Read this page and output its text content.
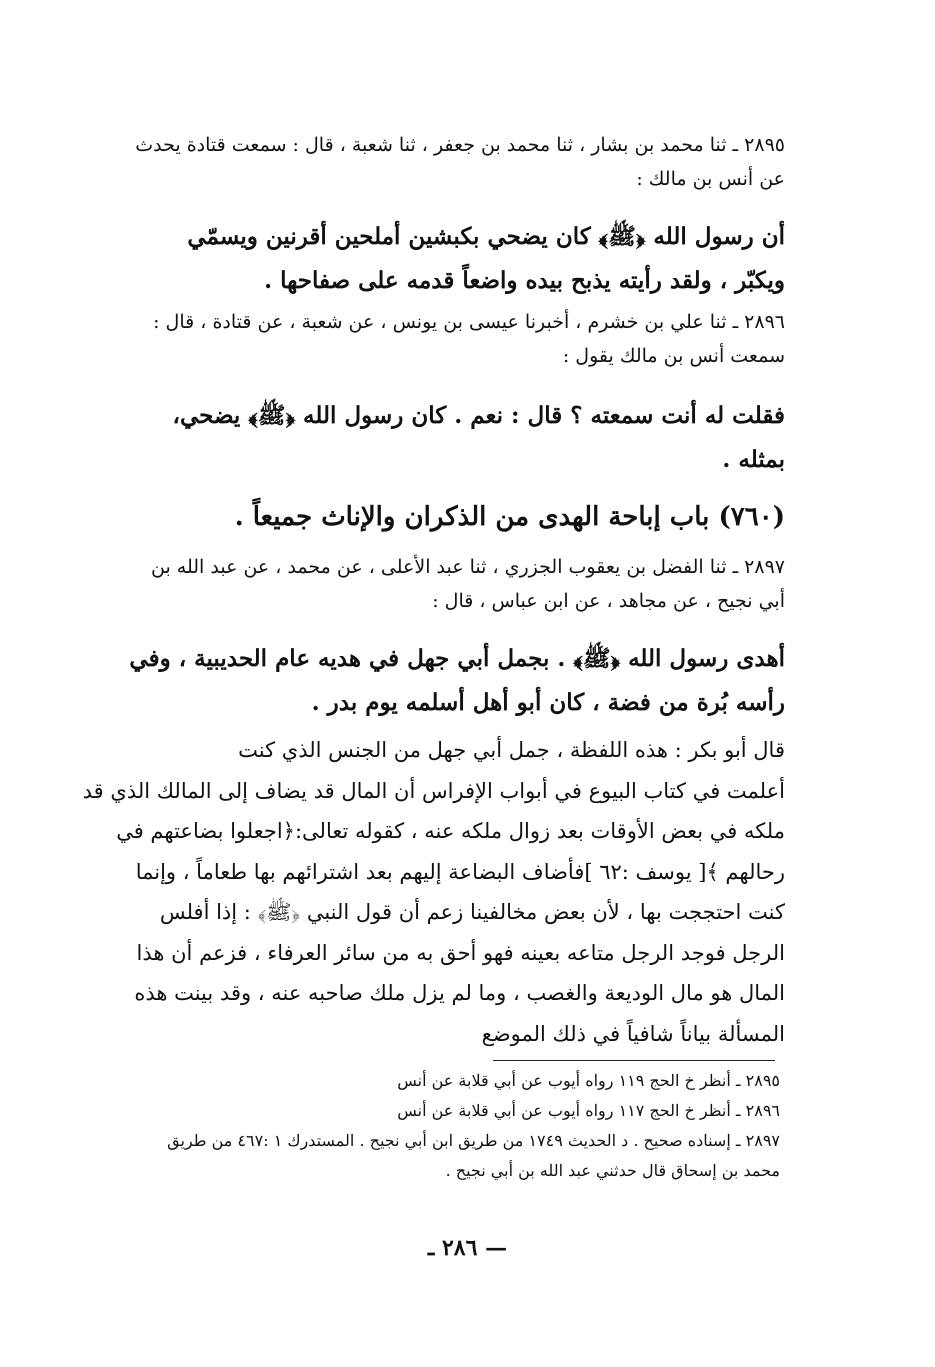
٢٨٩٥ ـ ثنا محمد بن بشار ، ثنا محمد بن جعفر ، ثنا شعبة ، قال : سمعت قتادة يحدث
عن أنس بن مالك :

أن رسول الله ﴿ﷺ﴾ كان يضحي بكبشين أملحين أقرنين ويسمّي
ويكبّر ، ولقد رأيته يذبح بيده واضعاً قدمه على صفاحها .

٢٨٩٦ ـ ثنا علي بن خشرم ، أخبرنا عيسى بن يونس ، عن شعبة ، عن قتادة ، قال :
سمعت أنس بن مالك يقول :

فقلت له أنت سمعته ؟ قال : نعم . كان رسول الله ﴿ﷺ﴾ يضحي،
بمثله .

(٧٦٠) باب إباحة الهدى من الذكران والإناث جميعاً .

٢٨٩٧ ـ ثنا الفضل بن يعقوب الجزري ، ثنا عبد الأعلى ، عن محمد ، عن عبد الله بن
أبي نجيح ، عن مجاهد ، عن ابن عباس ، قال :

أهدى رسول الله ﴿ﷺ﴾ . بجمل أبي جهل في هديه عام الحديبية ، وفي
رأسه بُرة من فضة ، كان أبو أهل أسلمه يوم بدر .

قال أبو بكر : هذه اللفظة ، جمل أبي جهل من الجنس الذي كنت
أعلمت في كتاب البيوع في أبواب الإفراس أن المال قد يضاف إلى المالك الذي قد
ملكه في بعض الأوقات بعد زوال ملكه عنه ، كقوله تعالى:﴿اجعلوا بضاعتهم في
رحالهم ﴾[ يوسف :٦٢ ]فأضاف البضاعة إليهم بعد اشترائهم بها طعاماً ، وإنما
كنت احتججت بها ، لأن بعض مخالفينا زعم أن قول النبي ﴿ﷺ﴾ : إذا أفلس
الرجل فوجد الرجل متاعه بعينه فهو أحق به من سائر العرفاء ، فزعم أن هذا
المال هو مال الوديعة والغصب ، وما لم يزل ملك صاحبه عنه ، وقد بينت هذه
المسألة بياناً شافياً في ذلك الموضع

٢٨٩٥ ـ أنظر خ الحج ١١٩ رواه أيوب عن أبي قلابة عن أنس
٢٨٩٦ ـ أنظر خ الحج ١١٧ رواه أيوب عن أبي قلابة عن أنس
٢٨٩٧ ـ إسناده صحيح . د الحديث ١٧٤٩ من طريق ابن أبي نجيح . المستدرك ١ :٤٦٧ من طريق
محمد بن إسحاق قال حدثني عبد الله بن أبي نجيح .
— ٢٨٦ ـ
